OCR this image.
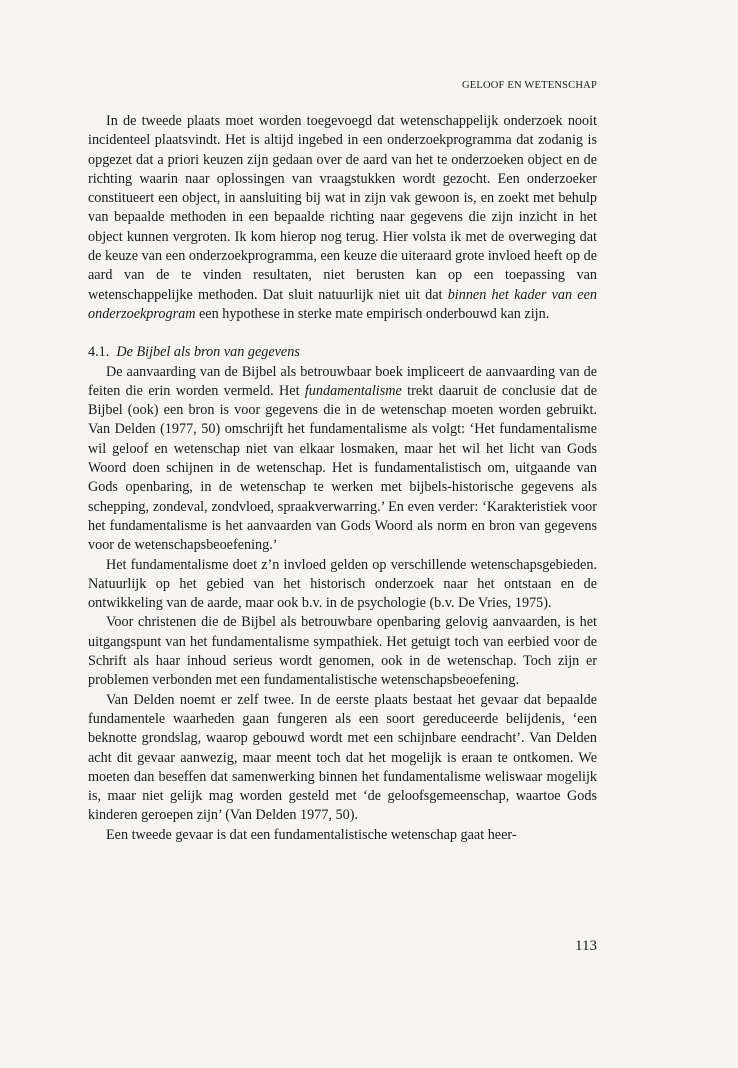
GELOOF EN WETENSCHAP

In de tweede plaats moet worden toegevoegd dat wetenschappelijk onderzoek nooit incidenteel plaatsvindt. Het is altijd ingebed in een onderzoekprogramma dat zodanig is opgezet dat a priori keuzen zijn gedaan over de aard van het te onderzoeken object en de richting waarin naar oplossingen van vraagstukken wordt gezocht. Een onderzoeker constitueert een object, in aansluiting bij wat in zijn vak gewoon is, en zoekt met behulp van bepaalde methoden in een bepaalde richting naar gegevens die zijn inzicht in het object kunnen vergroten. Ik kom hierop nog terug. Hier volsta ik met de overweging dat de keuze van een onderzoekprogramma, een keuze die uiteraard grote invloed heeft op de aard van de te vinden resultaten, niet berusten kan op een toepassing van wetenschappelijke methoden. Dat sluit natuurlijk niet uit dat binnen het kader van een onderzoekprogram een hypothese in sterke mate empirisch onderbouwd kan zijn.

4.1. De Bijbel als bron van gegevens

De aanvaarding van de Bijbel als betrouwbaar boek impliceert de aanvaarding van de feiten die erin worden vermeld. Het fundamentalisme trekt daaruit de conclusie dat de Bijbel (ook) een bron is voor gegevens die in de wetenschap moeten worden gebruikt. Van Delden (1977, 50) omschrijft het fundamentalisme als volgt: ‘Het fundamentalisme wil geloof en wetenschap niet van elkaar losmaken, maar het wil het licht van Gods Woord doen schijnen in de wetenschap. Het is fundamentalistisch om, uitgaande van Gods openbaring, in de wetenschap te werken met bijbels-historische gegevens als schepping, zondeval, zondvloed, spraakverwarring.’ En even verder: ‘Karakteristiek voor het fundamentalisme is het aanvaarden van Gods Woord als norm en bron van gegevens voor de wetenschapsbeoefening.’

Het fundamentalisme doet z’n invloed gelden op verschillende wetenschapsgebieden. Natuurlijk op het gebied van het historisch onderzoek naar het ontstaan en de ontwikkeling van de aarde, maar ook b.v. in de psychologie (b.v. De Vries, 1975).

Voor christenen die de Bijbel als betrouwbare openbaring gelovig aanvaarden, is het uitgangspunt van het fundamentalisme sympathiek. Het getuigt toch van eerbied voor de Schrift als haar inhoud serieus wordt genomen, ook in de wetenschap. Toch zijn er problemen verbonden met een fundamentalistische wetenschapsbeoefening.

Van Delden noemt er zelf twee. In de eerste plaats bestaat het gevaar dat bepaalde fundamentele waarheden gaan fungeren als een soort gereduceerde belijdenis, ‘een beknotte grondslag, waarop gebouwd wordt met een schijnbare eendracht’. Van Delden acht dit gevaar aanwezig, maar meent toch dat het mogelijk is eraan te ontkomen. We moeten dan beseffen dat samenwerking binnen het fundamentalisme weliswaar mogelijk is, maar niet gelijk mag worden gesteld met ‘de geloofsgemeenschap, waartoe Gods kinderen geroepen zijn’ (Van Delden 1977, 50).

Een tweede gevaar is dat een fundamentalistische wetenschap gaat heer-

113
